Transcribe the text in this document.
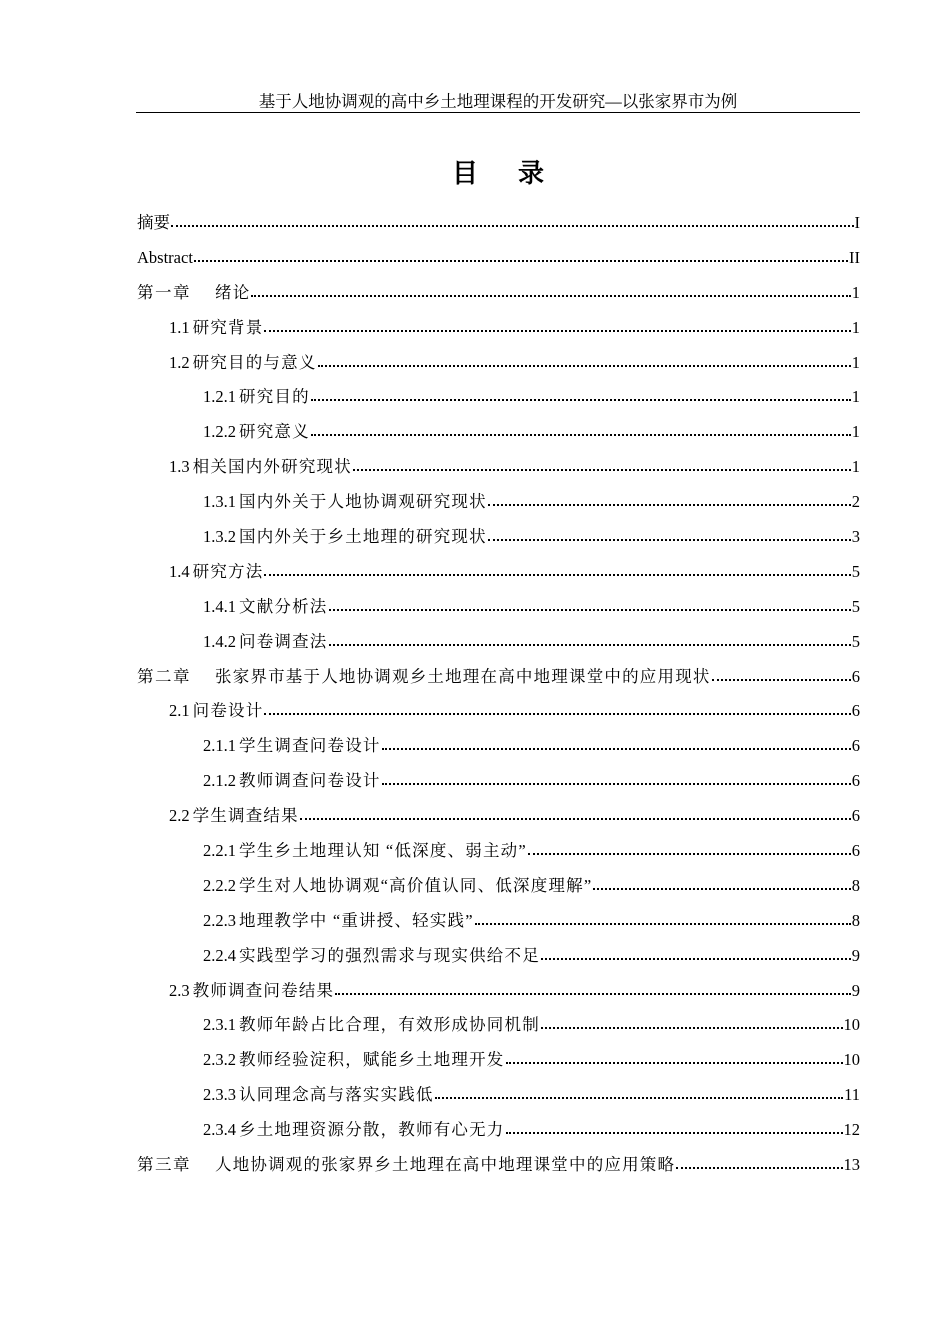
基于人地协调观的高中乡土地理课程的开发研究—以张家界市为例
目 录
摘要	I
Abstract	II
第一章 绪论	1
1.1 研究背景	1
1.2 研究目的与意义	1
1.2.1 研究目的	1
1.2.2 研究意义	1
1.3 相关国内外研究现状	1
1.3.1 国内外关于人地协调观研究现状	2
1.3.2 国内外关于乡土地理的研究现状	3
1.4 研究方法	5
1.4.1 文献分析法	5
1.4.2 问卷调查法	5
第二章 张家界市基于人地协调观乡土地理在高中地理课堂中的应用现状	6
2.1 问卷设计	6
2.1.1 学生调查问卷设计	6
2.1.2 教师调查问卷设计	6
2.2 学生调查结果	6
2.2.1 学生乡土地理认知 “低深度、弱主动”	6
2.2.2 学生对人地协调观“高价值认同、低深度理解”	8
2.2.3 地理教学中 “重讲授、轻实践”	8
2.2.4 实践型学习的强烈需求与现实供给不足	9
2.3 教师调查问卷结果	9
2.3.1 教师年龄占比合理，有效形成协同机制	10
2.3.2 教师经验淀积，赋能乡土地理开发	10
2.3.3 认同理念高与落实实践低	11
2.3.4 乡土地理资源分散，教师有心无力	12
第三章 人地协调观的张家界乡土地理在高中地理课堂中的应用策略	13
